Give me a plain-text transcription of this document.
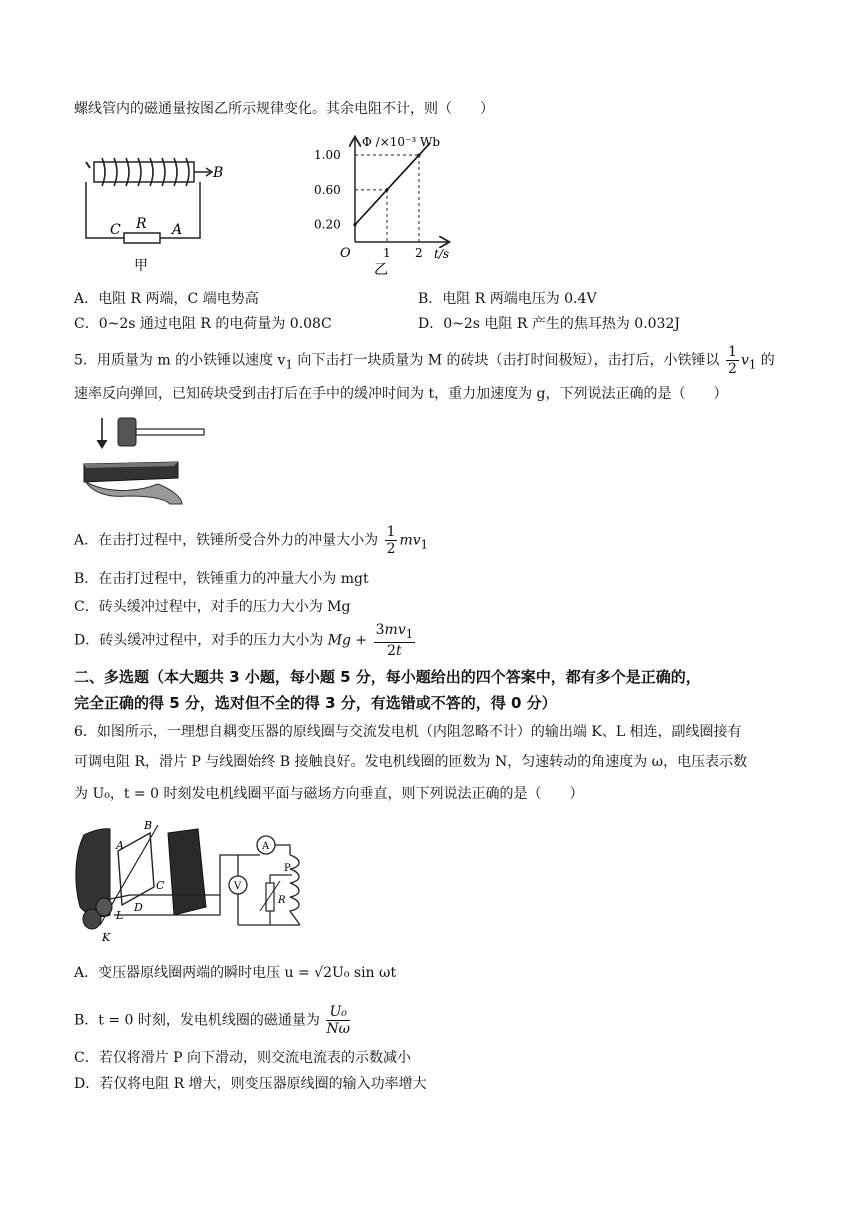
螺线管内的磁通量按图乙所示规律变化。其余电阻不计，则（　　）
B
C R A
甲
Φ /×10⁻³ Wb
t/s
O
0.20
0.60
1.00
1 2
乙
A．电阻 R 两端，C 端电势高	B．电阻 R 两端电压为 0.4V
C．0~2s 通过电阻 R 的电荷量为 0.08C	D．0~2s 电阻 R 产生的焦耳热为 0.032J
5．用质量为 m 的小铁锤以速度 $v_1$ 向下击打一块质量为 M 的砖块（击打时间极短），击打后，小铁锤以 $\frac{1}{2} v_1$ 的
速率反向弹回，已知砖块受到击打后在手中的缓冲时间为 t，重力加速度为 g，下列说法正确的是（　　）
A．在击打过程中，铁锤所受合外力的冲量大小为 $\frac{1}{2} mv_1$
B．在击打过程中，铁锤重力的冲量大小为 mgt
C．砖头缓冲过程中，对手的压力大小为 Mg
D．砖头缓冲过程中，对手的压力大小为 $Mg + \frac{3mv_1}{2t}$
二、多选题（本大题共 3 小题，每小题 5 分，每小题给出的四个答案中，都有多个是正确的，
完全正确的得 5 分，选对但不全的得 3 分，有选错或不答的，得 0 分）
6．如图所示，一理想自耦变压器的原线圈与交流发电机（内阻忽略不计）的输出端 K、L 相连，副线圈接有
可调电阻 R，滑片 P 与线圈始终 B 接触良好。发电机线圈的匝数为 N，匀速转动的角速度为 ω，电压表示数
为 U₀，t = 0 时刻发电机线圈平面与磁场方向垂直，则下列说法正确的是（　　）
A
B
C
D
L
K
A
V
P
R
A．变压器原线圈两端的瞬时电压 u = √2U₀ sin ωt
B．t = 0 时刻，发电机线圈的磁通量为 $\frac{\text{U₀}}{N\omega}$
C．若仅将滑片 P 向下滑动，则交流电流表的示数减小
D．若仅将电阻 R 增大，则变压器原线圈的输入功率增大
